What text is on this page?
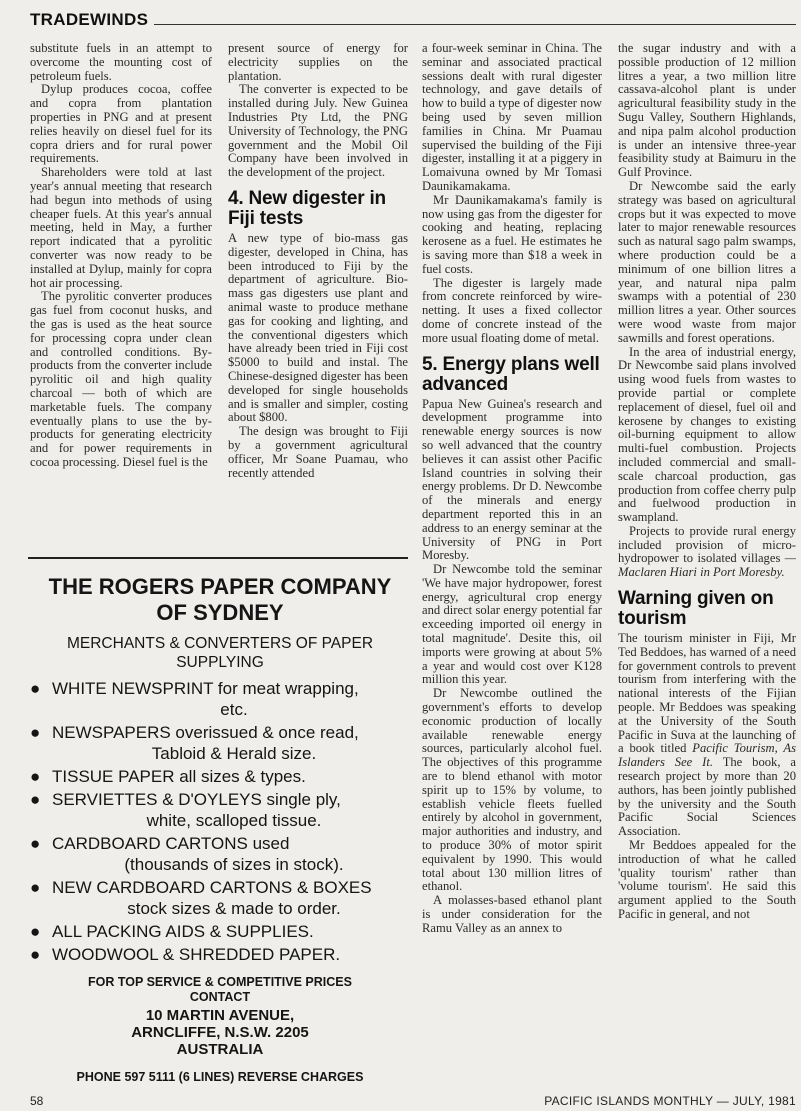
TRADEWINDS

substitute fuels in an attempt to overcome the mounting cost of petroleum fuels.

Dylup produces cocoa, coffee and copra from plantation properties in PNG and at present relies heavily on diesel fuel for its copra driers and for rural power requirements.

Shareholders were told at last year's annual meeting that research had begun into methods of using cheaper fuels. At this year's annual meeting, held in May, a further report indicated that a pyrolitic converter was now ready to be installed at Dylup, mainly for copra hot air processing.

The pyrolitic converter produces gas fuel from coconut husks, and the gas is used as the heat source for processing copra under clean and controlled conditions. By-products from the converter include pyrolitic oil and high quality charcoal — both of which are marketable fuels. The company eventually plans to use the by-products for generating electricity and for power requirements in cocoa processing. Diesel fuel is the

present source of energy for electricity supplies on the plantation.

The converter is expected to be installed during July. New Guinea Industries Pty Ltd, the PNG University of Technology, the PNG government and the Mobil Oil Company have been involved in the development of the project.

4. New digester in Fiji tests

A new type of bio-mass gas digester, developed in China, has been introduced to Fiji by the department of agriculture. Bio-mass gas digesters use plant and animal waste to produce methane gas for cooking and lighting, and the conventional digesters which have already been tried in Fiji cost $5000 to build and instal. The Chinese-designed digester has been developed for single households and is smaller and simpler, costing about $800.

The design was brought to Fiji by a government agricultural officer, Mr Soane Puamau, who recently attended

a four-week seminar in China. The seminar and associated practical sessions dealt with rural digester technology, and gave details of how to build a type of digester now being used by seven million families in China. Mr Puamau supervised the building of the Fiji digester, installing it at a piggery in Lomaivuna owned by Mr Tomasi Daunikamakama.

Mr Daunikamakama's family is now using gas from the digester for cooking and heating, replacing kerosene as a fuel. He estimates he is saving more than $18 a week in fuel costs.

The digester is largely made from concrete reinforced by wire-netting. It uses a fixed collector dome of concrete instead of the more usual floating dome of metal.

5. Energy plans well advanced

Papua New Guinea's research and development programme into renewable energy sources is now so well advanced that the country believes it can assist other Pacific Island countries in solving their energy problems. Dr D. Newcombe of the minerals and energy department reported this in an address to an energy seminar at the University of PNG in Port Moresby.

Dr Newcombe told the seminar 'We have major hydropower, forest energy, agricultural crop energy and direct solar energy potential far exceeding imported oil energy in total magnitude'. Desite this, oil imports were growing at about 5% a year and would cost over K128 million this year.

Dr Newcombe outlined the government's efforts to develop economic production of locally available renewable energy sources, particularly alcohol fuel. The objectives of this programme are to blend ethanol with motor spirit up to 15% by volume, to establish vehicle fleets fuelled entirely by alcohol in government, major authorities and industry, and to produce 30% of motor spirit equivalent by 1990. This would total about 130 million litres of ethanol.

A molasses-based ethanol plant is under consideration for the Ramu Valley as an annex to

the sugar industry and with a possible production of 12 million litres a year, a two million litre cassava-alcohol plant is under agricultural feasibility study in the Sugu Valley, Southern Highlands, and nipa palm alcohol production is under an intensive three-year feasibility study at Baimuru in the Gulf Province.

Dr Newcombe said the early strategy was based on agricultural crops but it was expected to move later to major renewable resources such as natural sago palm swamps, where production could be a minimum of one billion litres a year, and natural nipa palm swamps with a potential of 230 million litres a year. Other sources were wood waste from major sawmills and forest operations.

In the area of industrial energy, Dr Newcombe said plans involved using wood fuels from wastes to provide partial or complete replacement of diesel, fuel oil and kerosene by changes to existing oil-burning equipment to allow multi-fuel combustion. Projects included commercial and small-scale charcoal production, gas production from coffee cherry pulp and fuelwood production in swampland.

Projects to provide rural energy included provision of micro-hydropower to isolated villages — Maclaren Hiari in Port Moresby.

Warning given on tourism

The tourism minister in Fiji, Mr Ted Beddoes, has warned of a need for government controls to prevent tourism from interfering with the national interests of the Fijian people. Mr Beddoes was speaking at the University of the South Pacific in Suva at the launching of a book titled Pacific Tourism, As Islanders See It. The book, a research project by more than 20 authors, has been jointly published by the university and the South Pacific Social Sciences Association.

Mr Beddoes appealed for the introduction of what he called 'quality tourism' rather than 'volume tourism'. He said this argument applied to the South Pacific in general, and not

THE ROGERS PAPER COMPANY
OF SYDNEY
MERCHANTS & CONVERTERS OF PAPER
SUPPLYING
● WHITE NEWSPRINT for meat wrapping,
etc.
● NEWSPAPERS overissued & once read,
Tabloid & Herald size.
● TISSUE PAPER all sizes & types.
● SERVIETTES & D'OYLEYS single ply,
white, scalloped tissue.
● CARDBOARD CARTONS used
(thousands of sizes in stock).
● NEW CARDBOARD CARTONS & BOXES
stock sizes & made to order.
● ALL PACKING AIDS & SUPPLIES.
● WOODWOOL & SHREDDED PAPER.
FOR TOP SERVICE & COMPETITIVE PRICES
CONTACT
10 MARTIN AVENUE,
ARNCLIFFE, N.S.W. 2205
AUSTRALIA
PHONE 597 5111 (6 LINES) REVERSE CHARGES
58	PACIFIC ISLANDS MONTHLY — JULY, 1981
